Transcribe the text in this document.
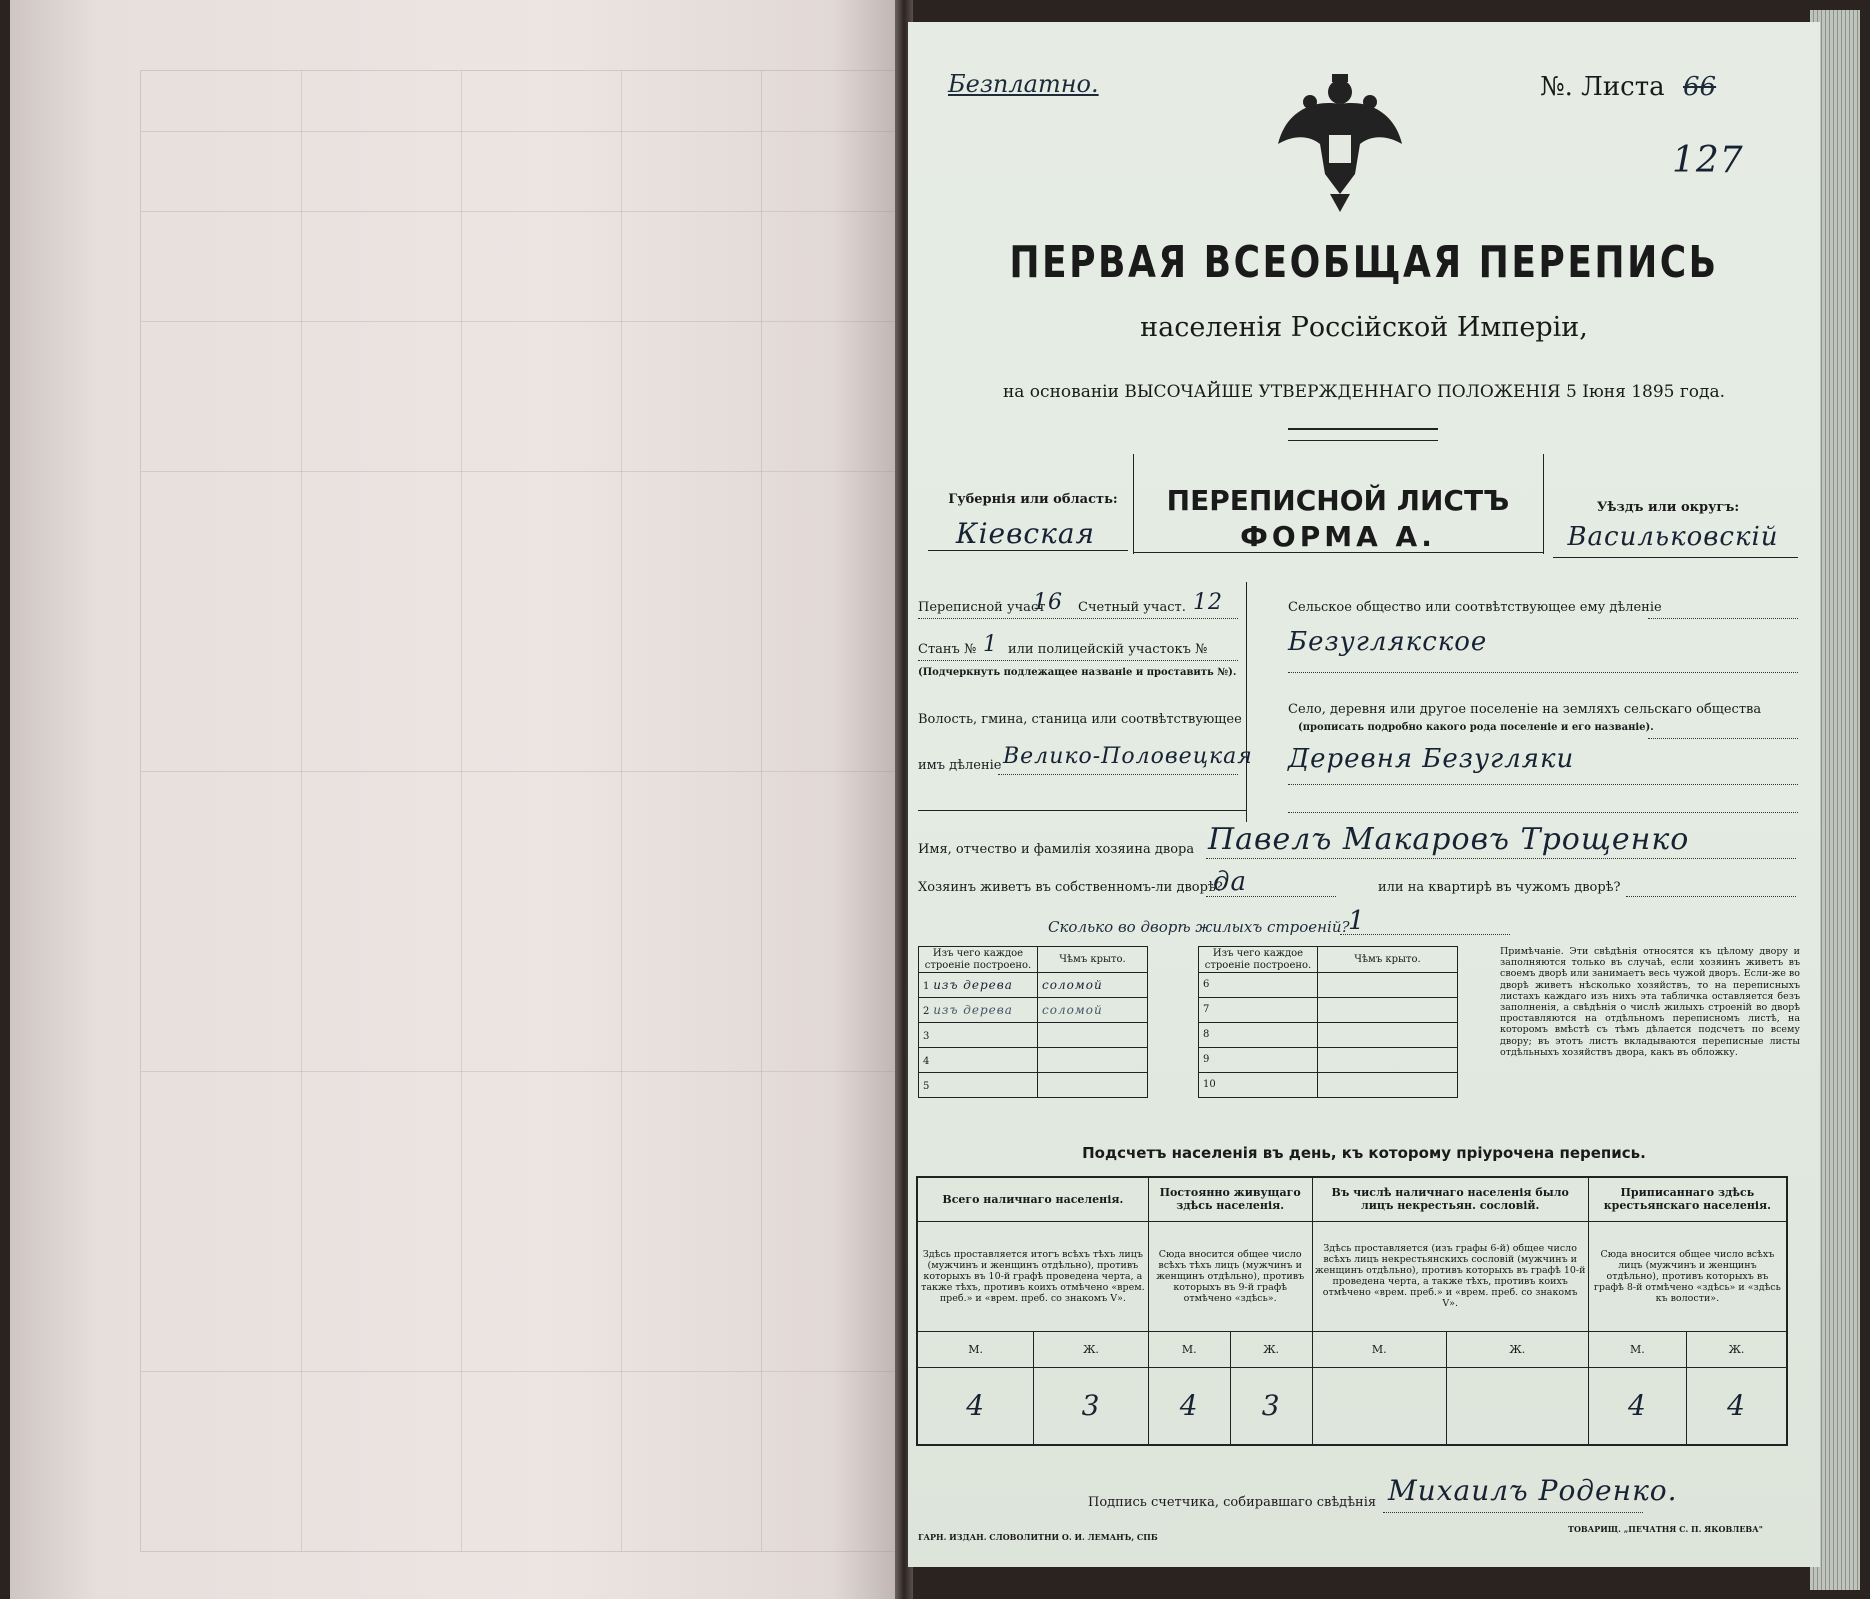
Безплатно.	№. Листа 66
127
ПЕРВАЯ ВСЕОБЩАЯ ПЕРЕПИСЬ
населенія Россійской Имперіи,
на основаніи ВЫСОЧАЙШЕ УТВЕРЖДЕННАГО ПОЛОЖЕНІЯ 5 Іюня 1895 года.
Губернія или область:
Кіевская
ПЕРЕПИСНОЙ ЛИСТЪ
ФОРМА А.
Уѣздъ или округъ:
Васильковскій
Переписной участ
16 Счетный участ. 12
Станъ № 1 или полицейскій участокъ №
(Подчеркнуть подлежащее названіе и проставить №).
Волость, гмина, станица или соотвѣтствующее
имъ дѣленіе Велико-Половецкая
Сельское общество или соотвѣтствующее ему дѣленіе
Безуглякское
Село, деревня или другое поселеніе на земляхъ сельскаго общества
(прописать подробно какого рода поселеніе и его названіе).
Деревня Безугляки
Имя, отчество и фамилія хозяина двора Павелъ Макаровъ Трощенко
Хозяинъ живетъ въ собственномъ-ли дворѣ?
да	или на квартирѣ въ чужомъ дворѣ?
Сколько во дворѣ жилыхъ строеній?
1
Изъ чего каждое строеніе построено.	Чѣмъ крыто.
1 изъ дерева	соломой
2 изъ дерева	соломой
3	
4	
5	
Изъ чего каждое строеніе построено.	Чѣмъ крыто.
6	
7	
8	
9	
10	
Примѣчаніе. Эти свѣдѣнія относятся къ цѣлому двору и заполняются только въ случаѣ, если хозяинъ живетъ въ своемъ дворѣ или занимаетъ весь чужой дворъ. Если-же во дворѣ живетъ нѣсколько хозяйствъ, то на переписныхъ листахъ каждаго изъ нихъ эта табличка оставляется безъ заполненія, а свѣдѣнія о числѣ жилыхъ строеній во дворѣ проставляются на отдѣльномъ переписномъ листѣ, на которомъ вмѣстѣ съ тѣмъ дѣлается подсчетъ по всему двору; въ этотъ листъ вкладываются переписные листы отдѣльныхъ хозяйствъ двора, какъ въ обложку.
Подсчетъ населенія въ день, къ которому пріурочена перепись.
Всего наличнаго населенія.		Постоянно живущаго здѣсь населенія.		Въ числѣ наличнаго населенія было лицъ некрестьян. сословій.		Приписаннаго здѣсь крестьянскаго населенія.	
Здѣсь проставляется итогъ всѣхъ тѣхъ лицъ (мужчинъ и женщинъ отдѣльно), противъ которыхъ въ 10-й графѣ проведена черта, а также тѣхъ, противъ коихъ отмѣчено «врем. преб.» и «врем. преб. со знакомъ V».		Сюда вносится общее число всѣхъ тѣхъ лицъ (мужчинъ и женщинъ отдѣльно), противъ которыхъ въ 9-й графѣ отмѣчено «здѣсь».		Здѣсь проставляется (изъ графы 6-й) общее число всѣхъ лицъ некрестьянскихъ сословій (мужчинъ и женщинъ отдѣльно), противъ которыхъ въ графѣ 10-й проведена черта, а также тѣхъ, противъ коихъ отмѣчено «врем. преб.» и «врем. преб. со знакомъ V».		Сюда вносится общее число всѣхъ лицъ (мужчинъ и женщинъ отдѣльно), противъ которыхъ въ графѣ 8-й отмѣчено «здѣсь» и «здѣсь къ волости».	
М.	Ж.	М.	Ж.	М.	Ж.	М.	Ж.
4	3	4	3			4	4
Подпись счетчика, собиравшаго свѣдѣнія Михаилъ Роденко.
ГАРН. ИЗДАН. СЛОВОЛИТНИ О. И. ЛЕМАНЪ, СПБ
ТОВАРИЩ. „ПЕЧАТНЯ С. П. ЯКОВЛЕВА"
